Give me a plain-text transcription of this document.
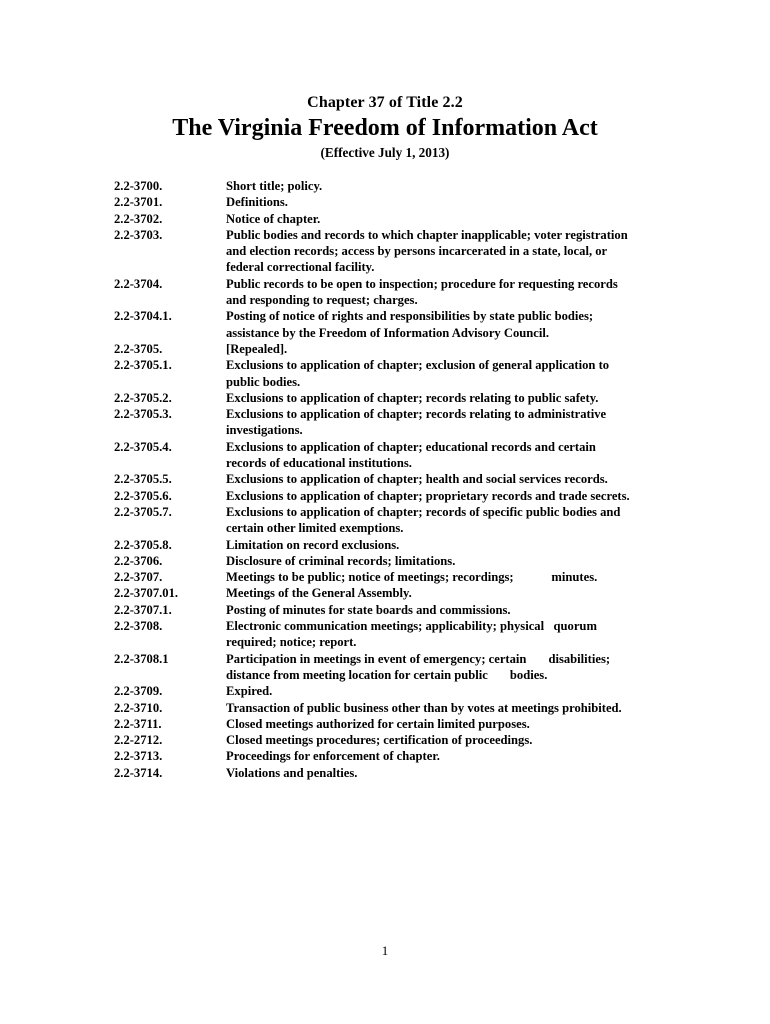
Chapter 37 of Title 2.2
The Virginia Freedom of Information Act
(Effective July 1, 2013)
2.2-3700.	Short title; policy.
2.2-3701.	Definitions.
2.2-3702.	Notice of chapter.
2.2-3703.	Public bodies and records to which chapter inapplicable; voter registration
and election records; access by persons incarcerated in a state, local, or
federal correctional facility.
2.2-3704.	Public records to be open to inspection; procedure for requesting records
and responding to request; charges.
2.2-3704.1.	Posting of notice of rights and responsibilities by state public bodies;
assistance by the Freedom of Information Advisory Council.
2.2-3705.	[Repealed].
2.2-3705.1.	Exclusions to application of chapter; exclusion of general application to
public bodies.
2.2-3705.2.	Exclusions to application of chapter; records relating to public safety.
2.2-3705.3.	Exclusions to application of chapter; records relating to administrative
investigations.
2.2-3705.4.	Exclusions to application of chapter; educational records and certain
records of educational institutions.
2.2-3705.5.	Exclusions to application of chapter; health and social services records.
2.2-3705.6.	Exclusions to application of chapter; proprietary records and trade secrets.
2.2-3705.7.	Exclusions to application of chapter; records of specific public bodies and
certain other limited exemptions.
2.2-3705.8.	Limitation on record exclusions.
2.2-3706.	Disclosure of criminal records; limitations.
2.2-3707.	Meetings to be public; notice of meetings; recordings;            minutes.
2.2-3707.01.	Meetings of the General Assembly.
2.2-3707.1.	Posting of minutes for state boards and commissions.
2.2-3708.	Electronic communication meetings; applicability; physical   quorum
required; notice; report.
2.2-3708.1	Participation in meetings in event of emergency; certain       disabilities;
distance from meeting location for certain public       bodies.
2.2-3709.	Expired.
2.2-3710.	Transaction of public business other than by votes at meetings prohibited.
2.2-3711.	Closed meetings authorized for certain limited purposes.
2.2-2712.	Closed meetings procedures; certification of proceedings.
2.2-3713.	Proceedings for enforcement of chapter.
2.2-3714.	Violations and penalties.
1
